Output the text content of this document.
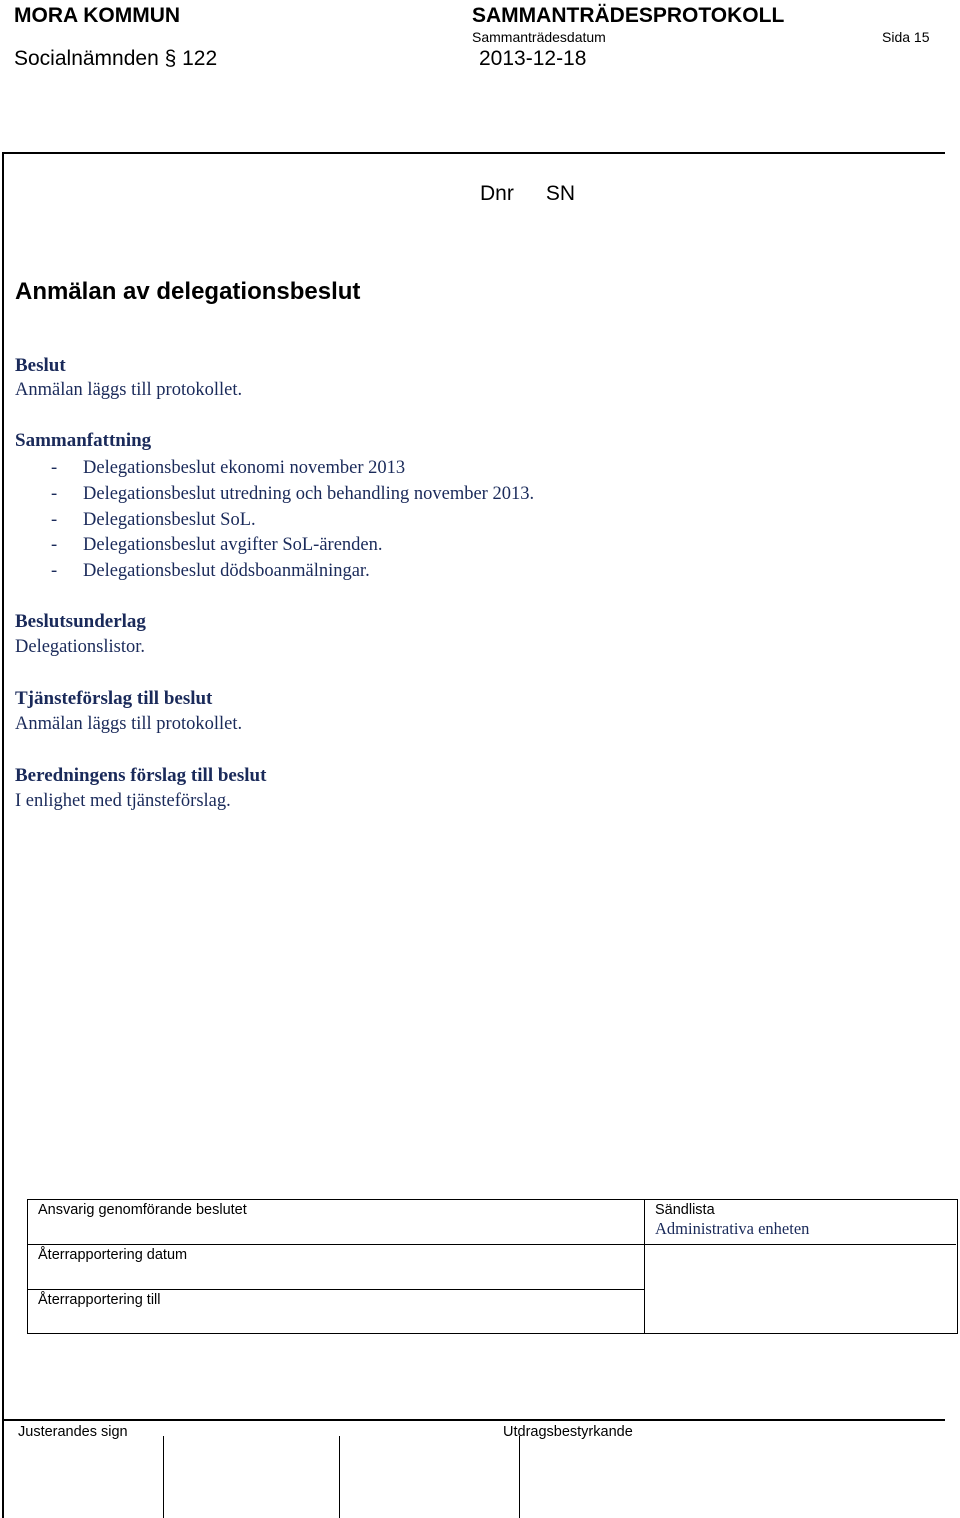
MORA KOMMUN	SAMMANTRÄDESPROTOKOLL
Sammanträdesdatum	Sida 15
Socialnämnden § 122	2013-12-18
Dnr SN
Anmälan av delegationsbeslut
Beslut
Anmälan läggs till protokollet.
Sammanfattning
- Delegationsbeslut ekonomi november 2013
- Delegationsbeslut utredning och behandling november 2013.
- Delegationsbeslut SoL.
- Delegationsbeslut avgifter SoL-ärenden.
- Delegationsbeslut dödsboanmälningar.
Beslutsunderlag
Delegationslistor.
Tjänsteförslag till beslut
Anmälan läggs till protokollet.
Beredningens förslag till beslut
I enlighet med tjänsteförslag.
Ansvarig genomförande beslutet
Återrapportering datum
Återrapportering till
Sändlista
Administrativa enheten
Justerandes sign	Utdragsbestyrkande
